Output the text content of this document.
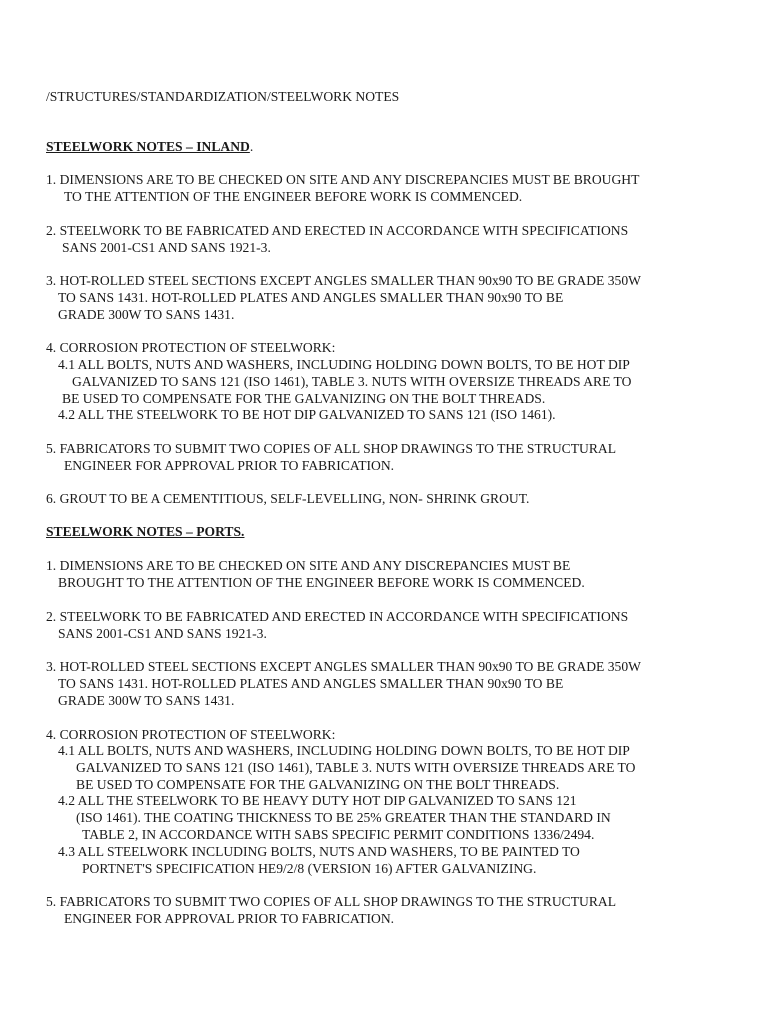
/STRUCTURES/STANDARDIZATION/STEELWORK NOTES
STEELWORK NOTES – INLAND.
1. DIMENSIONS ARE TO BE CHECKED ON SITE AND ANY DISCREPANCIES MUST BE BROUGHT
TO THE ATTENTION OF THE ENGINEER BEFORE WORK IS COMMENCED.
2. STEELWORK TO BE FABRICATED AND ERECTED IN ACCORDANCE WITH SPECIFICATIONS
SANS 2001-CS1 AND SANS 1921-3.
3. HOT-ROLLED STEEL SECTIONS EXCEPT ANGLES SMALLER THAN 90x90 TO BE GRADE 350W
TO SANS 1431. HOT-ROLLED PLATES AND ANGLES SMALLER THAN 90x90 TO BE
GRADE 300W TO SANS 1431.
4. CORROSION PROTECTION OF STEELWORK:
4.1 ALL BOLTS, NUTS AND WASHERS, INCLUDING HOLDING DOWN BOLTS, TO BE HOT DIP
GALVANIZED TO SANS 121 (ISO 1461), TABLE 3. NUTS WITH OVERSIZE THREADS ARE TO
BE USED TO COMPENSATE FOR THE GALVANIZING ON THE BOLT THREADS.
4.2 ALL THE STEELWORK TO BE HOT DIP GALVANIZED TO SANS 121 (ISO 1461).
5. FABRICATORS TO SUBMIT TWO COPIES OF ALL SHOP DRAWINGS TO THE STRUCTURAL
ENGINEER FOR APPROVAL PRIOR TO FABRICATION.
6. GROUT TO BE A CEMENTITIOUS, SELF-LEVELLING, NON- SHRINK GROUT.
STEELWORK NOTES – PORTS.
1. DIMENSIONS ARE TO BE CHECKED ON SITE AND ANY DISCREPANCIES MUST BE
BROUGHT TO THE ATTENTION OF THE ENGINEER BEFORE WORK IS COMMENCED.
2. STEELWORK TO BE FABRICATED AND ERECTED IN ACCORDANCE WITH SPECIFICATIONS
SANS 2001-CS1 AND SANS 1921-3.
3. HOT-ROLLED STEEL SECTIONS EXCEPT ANGLES SMALLER THAN 90x90 TO BE GRADE 350W
TO SANS 1431. HOT-ROLLED PLATES AND ANGLES SMALLER THAN 90x90 TO BE
GRADE 300W TO SANS 1431.
4. CORROSION PROTECTION OF STEELWORK:
4.1 ALL BOLTS, NUTS AND WASHERS, INCLUDING HOLDING DOWN BOLTS, TO BE HOT DIP
GALVANIZED TO SANS 121 (ISO 1461), TABLE 3. NUTS WITH OVERSIZE THREADS ARE TO
BE USED TO COMPENSATE FOR THE GALVANIZING ON THE BOLT THREADS.
4.2 ALL THE STEELWORK TO BE HEAVY DUTY HOT DIP GALVANIZED TO SANS 121
(ISO 1461). THE COATING THICKNESS TO BE 25% GREATER THAN THE STANDARD IN
TABLE 2, IN ACCORDANCE WITH SABS SPECIFIC PERMIT CONDITIONS 1336/2494.
4.3 ALL STEELWORK INCLUDING BOLTS, NUTS AND WASHERS, TO BE PAINTED TO
PORTNET'S SPECIFICATION HE9/2/8 (VERSION 16) AFTER GALVANIZING.
5. FABRICATORS TO SUBMIT TWO COPIES OF ALL SHOP DRAWINGS TO THE STRUCTURAL
ENGINEER FOR APPROVAL PRIOR TO FABRICATION.
